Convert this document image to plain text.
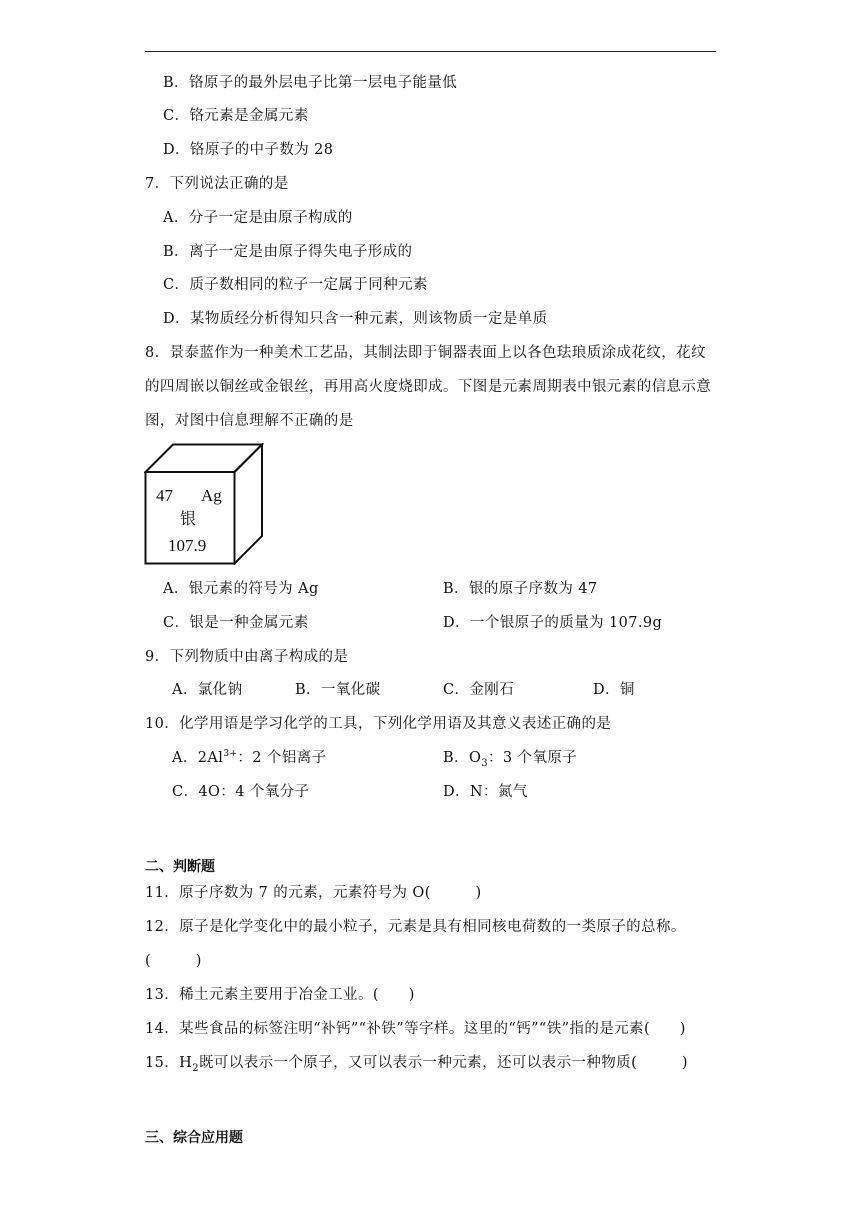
B．铬原子的最外层电子比第一层电子能量低
C．铬元素是金属元素
D．铬原子的中子数为 28
7．下列说法正确的是
A．分子一定是由原子构成的
B．离子一定是由原子得失电子形成的
C．质子数相同的粒子一定属于同种元素
D．某物质经分析得知只含一种元素，则该物质一定是单质
8．景泰蓝作为一种美术工艺品，其制法即于铜器表面上以各色珐琅质涂成花纹，花纹
的四周嵌以铜丝或金银丝，再用高火度烧即成。下图是元素周期表中银元素的信息示意
图，对图中信息理解不正确的是
47 Ag
银
107.9
A．银元素的符号为 Ag	B．银的原子序数为 47
C．银是一种金属元素	D．一个银原子的质量为 107.9g
9．下列物质中由离子构成的是
A．氯化钠	B．一氧化碳	C．金刚石	D．铜
10．化学用语是学习化学的工具，下列化学用语及其意义表述正确的是
A．$2Al^{3+}$：2 个铝离子	B．$O_3$：3 个氧原子
C．4O：4 个氧分子	D．N：氮气
二、判断题
11．原子序数为 7 的元素，元素符号为 O(　　　)
12．原子是化学变化中的最小粒子，元素是具有相同核电荷数的一类原子的总称。
(　　　)
13．稀土元素主要用于冶金工业。(　　)
14．某些食品的标签注明“补钙”“补铁”等字样。这里的“钙”“铁”指的是元素(　　)
15．$H_2$既可以表示一个原子，又可以表示一种元素，还可以表示一种物质(　　　)
三、综合应用题
